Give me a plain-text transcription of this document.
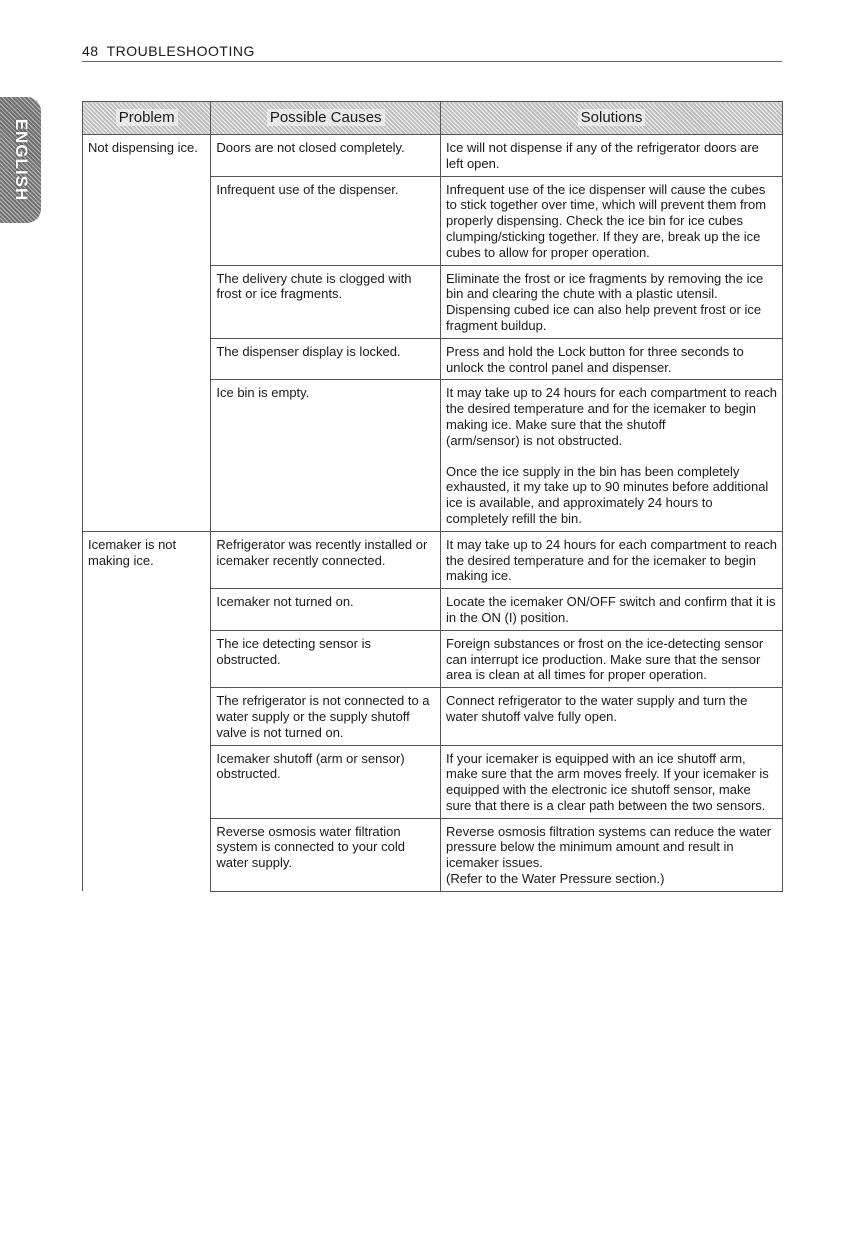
48 TROUBLESHOOTING
ENGLISH
Problem	Possible Causes	Solutions
Not dispensing ice.	Doors are not closed completely.	Ice will not dispense if any of the refrigerator doors are left open.

	Infrequent use of the dispenser.	Infrequent use of the ice dispenser will cause the cubes to stick together over time, which will prevent them from properly dispensing. Check the ice bin for ice cubes clumping/sticking together. If they are, break up the ice cubes to allow for proper operation.

	The delivery chute is clogged with frost or ice fragments.	Eliminate the frost or ice fragments by removing the ice bin and clearing the chute with a plastic utensil. Dispensing cubed ice can also help prevent frost or ice fragment buildup.

	The dispenser display is locked.	Press and hold the Lock button for three seconds to unlock the control panel and dispenser.

	Ice bin is empty.	It may take up to 24 hours for each compartment to reach the desired temperature and for the icemaker to begin making ice. Make sure that the shutoff
(arm/sensor) is not obstructed.
Once the ice supply in the bin has been completely exhausted, it my take up to 90 minutes before additional ice is available, and approximately 24 hours to completely refill the bin.

Icemaker is not making ice.	Refrigerator was recently installed or icemaker recently connected.	It may take up to 24 hours for each compartment to reach the desired temperature and for the icemaker to begin making ice.

	Icemaker not turned on.	Locate the icemaker ON/OFF switch and confirm that it is in the ON (I) position.

	The ice detecting sensor is obstructed.	Foreign substances or frost on the ice-detecting sensor can interrupt ice production. Make sure that the sensor area is clean at all times for proper operation.

	The refrigerator is not connected to a water supply or the supply shutoff valve is not turned on.	Connect refrigerator to the water supply and turn the water shutoff valve fully open.

	Icemaker shutoff (arm or sensor) obstructed.	If your icemaker is equipped with an ice shutoff arm, make sure that the arm moves freely. If your icemaker is equipped with the electronic ice shutoff sensor, make sure that there is a clear path between the two sensors.

	Reverse osmosis water filtration system is connected to your cold water supply.	Reverse osmosis filtration systems can reduce the water pressure below the minimum amount and result in icemaker issues.
(Refer to the Water Pressure section.)
